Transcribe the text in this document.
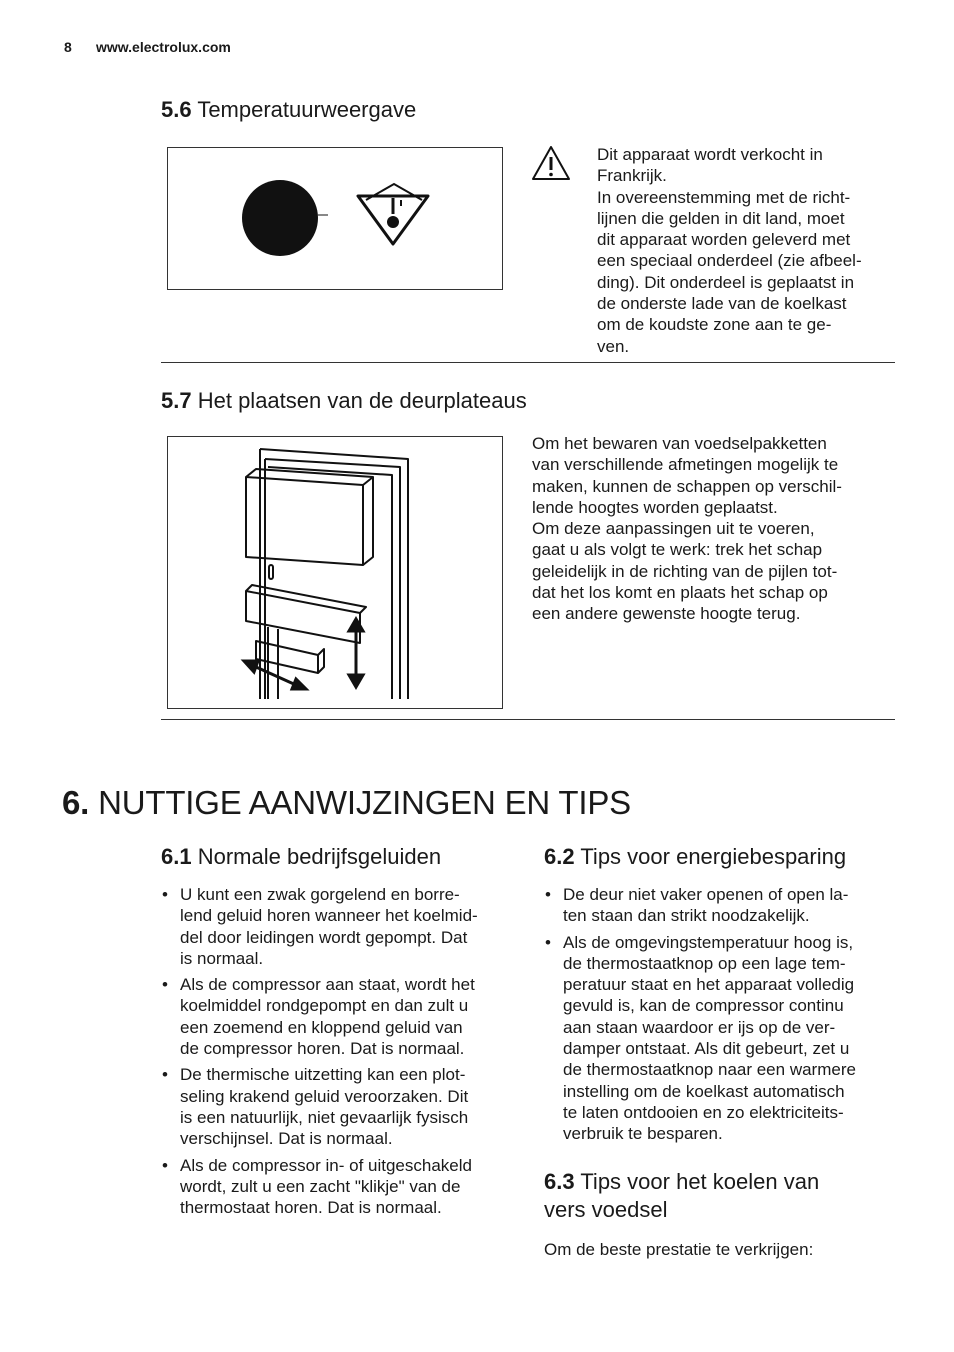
8 www.electrolux.com
5.6 Temperatuurweergave
Dit apparaat wordt verkocht in
Frankrijk.
In overeenstemming met de richt-
lijnen die gelden in dit land, moet
dit apparaat worden geleverd met
een speciaal onderdeel (zie afbeel-
ding). Dit onderdeel is geplaatst in
de onderste lade van de koelkast
om de koudste zone aan te ge-
ven.
5.7 Het plaatsen van de deurplateaus
Om het bewaren van voedselpakketten
van verschillende afmetingen mogelijk te
maken, kunnen de schappen op verschil-
lende hoogtes worden geplaatst.
Om deze aanpassingen uit te voeren,
gaat u als volgt te werk: trek het schap
geleidelijk in de richting van de pijlen tot-
dat het los komt en plaats het schap op
een andere gewenste hoogte terug.
6. NUTTIGE AANWIJZINGEN EN TIPS
6.1 Normale bedrijfsgeluiden
• U kunt een zwak gorgelend en borre-
lend geluid horen wanneer het koelmid-
del door leidingen wordt gepompt. Dat
is normaal.
• Als de compressor aan staat, wordt het
koelmiddel rondgepompt en dan zult u
een zoemend en kloppend geluid van
de compressor horen. Dat is normaal.
• De thermische uitzetting kan een plot-
seling krakend geluid veroorzaken. Dit
is een natuurlijk, niet gevaarlijk fysisch
verschijnsel. Dat is normaal.
• Als de compressor in- of uitgeschakeld
wordt, zult u een zacht "klikje" van de
thermostaat horen. Dat is normaal.
6.2 Tips voor energiebesparing
• De deur niet vaker openen of open la-
ten staan dan strikt noodzakelijk.
• Als de omgevingstemperatuur hoog is,
de thermostaatknop op een lage tem-
peratuur staat en het apparaat volledig
gevuld is, kan de compressor continu
aan staan waardoor er ijs op de ver-
damper ontstaat. Als dit gebeurt, zet u
de thermostaatknop naar een warmere
instelling om de koelkast automatisch
te laten ontdooien en zo elektriciteits-
verbruik te besparen.
6.3 Tips voor het koelen van
vers voedsel
Om de beste prestatie te verkrijgen:
